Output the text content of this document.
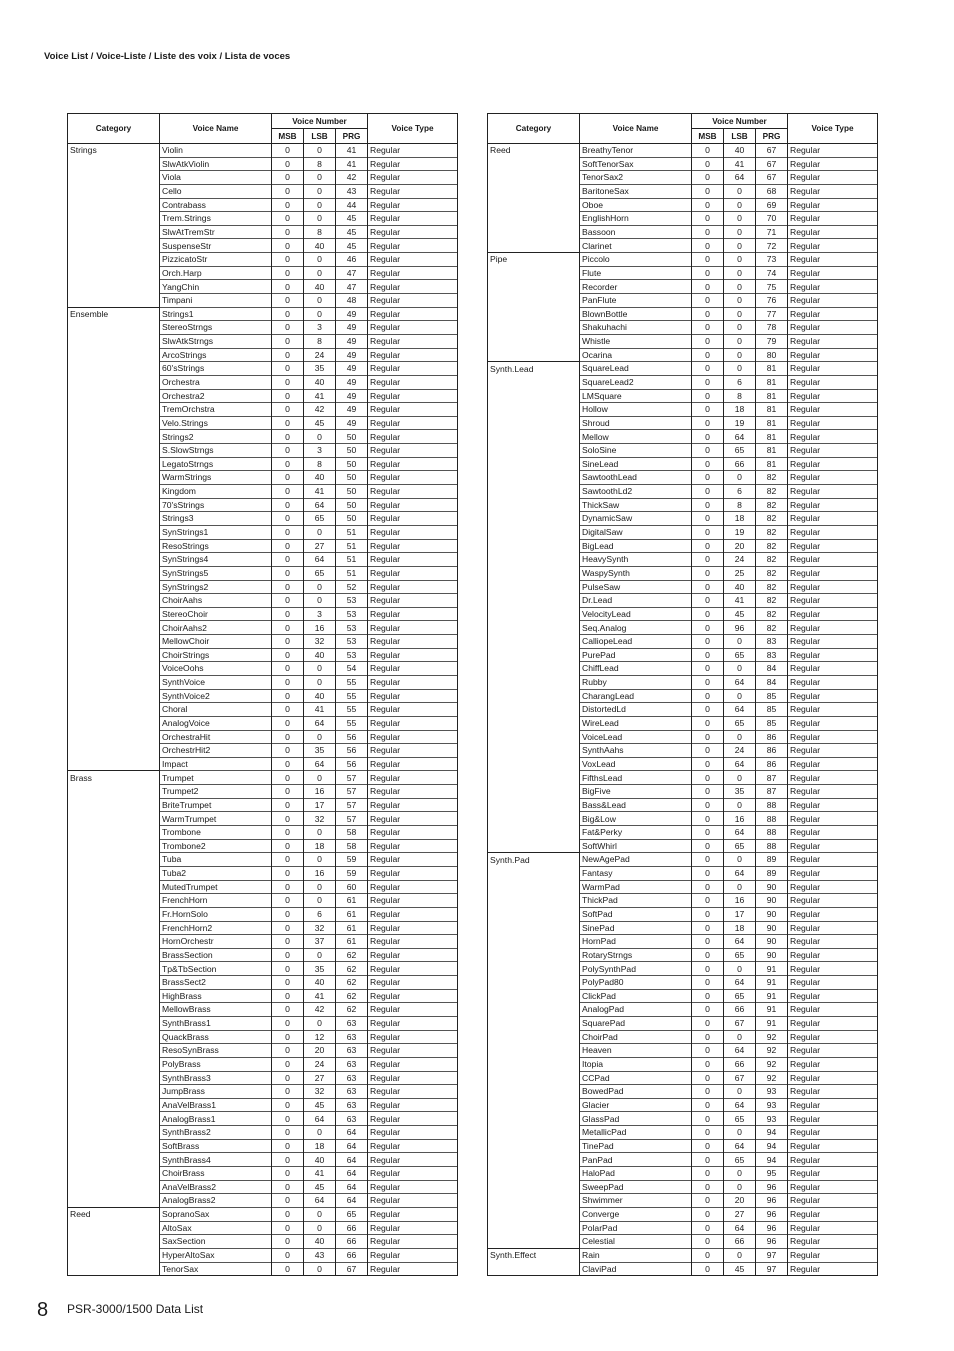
Voice List / Voice-Liste / Liste des voix / Lista de voces
Category	Voice Name	Voice Number			Voice Type
		MSB	LSB	PRG	
Strings	Violin	0	0	41	Regular
	SlwAtkViolin	0	8	41	Regular
	Viola	0	0	42	Regular
	Cello	0	0	43	Regular
	Contrabass	0	0	44	Regular
	Trem.Strings	0	0	45	Regular
	SlwAtTremStr	0	8	45	Regular
	SuspenseStr	0	40	45	Regular
	PizzicatoStr	0	0	46	Regular
	Orch.Harp	0	0	47	Regular
	YangChin	0	40	47	Regular
	Timpani	0	0	48	Regular
Ensemble	Strings1	0	0	49	Regular
	StereoStrngs	0	3	49	Regular
	SlwAtkStrngs	0	8	49	Regular
	ArcoStrings	0	24	49	Regular
	60'sStrings	0	35	49	Regular
	Orchestra	0	40	49	Regular
	Orchestra2	0	41	49	Regular
	TremOrchstra	0	42	49	Regular
	Velo.Strings	0	45	49	Regular
	Strings2	0	0	50	Regular
	S.SlowStrngs	0	3	50	Regular
	LegatoStrngs	0	8	50	Regular
	WarmStrings	0	40	50	Regular
	Kingdom	0	41	50	Regular
	70'sStrings	0	64	50	Regular
	Strings3	0	65	50	Regular
	SynStrings1	0	0	51	Regular
	ResoStrings	0	27	51	Regular
	SynStrings4	0	64	51	Regular
	SynStrings5	0	65	51	Regular
	SynStrings2	0	0	52	Regular
	ChoirAahs	0	0	53	Regular
	StereoChoir	0	3	53	Regular
	ChoirAahs2	0	16	53	Regular
	MellowChoir	0	32	53	Regular
	ChoirStrings	0	40	53	Regular
	VoiceOohs	0	0	54	Regular
	SynthVoice	0	0	55	Regular
	SynthVoice2	0	40	55	Regular
	Choral	0	41	55	Regular
	AnalogVoice	0	64	55	Regular
	OrchestraHit	0	0	56	Regular
	OrchestrHit2	0	35	56	Regular
	Impact	0	64	56	Regular
Brass	Trumpet	0	0	57	Regular
	Trumpet2	0	16	57	Regular
	BriteTrumpet	0	17	57	Regular
	WarmTrumpet	0	32	57	Regular
	Trombone	0	0	58	Regular
	Trombone2	0	18	58	Regular
	Tuba	0	0	59	Regular
	Tuba2	0	16	59	Regular
	MutedTrumpet	0	0	60	Regular
	FrenchHorn	0	0	61	Regular
	Fr.HornSolo	0	6	61	Regular
	FrenchHorn2	0	32	61	Regular
	HornOrchestr	0	37	61	Regular
	BrassSection	0	0	62	Regular
	Tp&TbSection	0	35	62	Regular
	BrassSect2	0	40	62	Regular
	HighBrass	0	41	62	Regular
	MellowBrass	0	42	62	Regular
	SynthBrass1	0	0	63	Regular
	QuackBrass	0	12	63	Regular
	ResoSynBrass	0	20	63	Regular
	PolyBrass	0	24	63	Regular
	SynthBrass3	0	27	63	Regular
	JumpBrass	0	32	63	Regular
	AnaVelBrass1	0	45	63	Regular
	AnalogBrass1	0	64	63	Regular
	SynthBrass2	0	0	64	Regular
	SoftBrass	0	18	64	Regular
	SynthBrass4	0	40	64	Regular
	ChoirBrass	0	41	64	Regular
	AnaVelBrass2	0	45	64	Regular
	AnalogBrass2	0	64	64	Regular
Reed	SopranoSax	0	0	65	Regular
	AltoSax	0	0	66	Regular
	SaxSection	0	40	66	Regular
	HyperAltoSax	0	43	66	Regular
	TenorSax	0	0	67	Regular
Category	Voice Name	Voice Number			Voice Type
		MSB	LSB	PRG	
Reed	BreathyTenor	0	40	67	Regular
	SoftTenorSax	0	41	67	Regular
	TenorSax2	0	64	67	Regular
	BaritoneSax	0	0	68	Regular
	Oboe	0	0	69	Regular
	EnglishHorn	0	0	70	Regular
	Bassoon	0	0	71	Regular
	Clarinet	0	0	72	Regular
Pipe	Piccolo	0	0	73	Regular
	Flute	0	0	74	Regular
	Recorder	0	0	75	Regular
	PanFlute	0	0	76	Regular
	BlownBottle	0	0	77	Regular
	Shakuhachi	0	0	78	Regular
	Whistle	0	0	79	Regular
	Ocarina	0	0	80	Regular
Synth.Lead	SquareLead	0	0	81	Regular
	SquareLead2	0	6	81	Regular
	LMSquare	0	8	81	Regular
	Hollow	0	18	81	Regular
	Shroud	0	19	81	Regular
	Mellow	0	64	81	Regular
	SoloSine	0	65	81	Regular
	SineLead	0	66	81	Regular
	SawtoothLead	0	0	82	Regular
	SawtoothLd2	0	6	82	Regular
	ThickSaw	0	8	82	Regular
	DynamicSaw	0	18	82	Regular
	DigitalSaw	0	19	82	Regular
	BigLead	0	20	82	Regular
	HeavySynth	0	24	82	Regular
	WaspySynth	0	25	82	Regular
	PulseSaw	0	40	82	Regular
	Dr.Lead	0	41	82	Regular
	VelocityLead	0	45	82	Regular
	Seq.Analog	0	96	82	Regular
	CalliopeLead	0	0	83	Regular
	PurePad	0	65	83	Regular
	ChiffLead	0	0	84	Regular
	Rubby	0	64	84	Regular
	CharangLead	0	0	85	Regular
	DistortedLd	0	64	85	Regular
	WireLead	0	65	85	Regular
	VoiceLead	0	0	86	Regular
	SynthAahs	0	24	86	Regular
	VoxLead	0	64	86	Regular
	FifthsLead	0	0	87	Regular
	BigFive	0	35	87	Regular
	Bass&Lead	0	0	88	Regular
	Big&Low	0	16	88	Regular
	Fat&Perky	0	64	88	Regular
	SoftWhirl	0	65	88	Regular
Synth.Pad	NewAgePad	0	0	89	Regular
	Fantasy	0	64	89	Regular
	WarmPad	0	0	90	Regular
	ThickPad	0	16	90	Regular
	SoftPad	0	17	90	Regular
	SinePad	0	18	90	Regular
	HornPad	0	64	90	Regular
	RotaryStrngs	0	65	90	Regular
	PolySynthPad	0	0	91	Regular
	PolyPad80	0	64	91	Regular
	ClickPad	0	65	91	Regular
	AnalogPad	0	66	91	Regular
	SquarePad	0	67	91	Regular
	ChoirPad	0	0	92	Regular
	Heaven	0	64	92	Regular
	Itopia	0	66	92	Regular
	CCPad	0	67	92	Regular
	BowedPad	0	0	93	Regular
	Glacier	0	64	93	Regular
	GlassPad	0	65	93	Regular
	MetallicPad	0	0	94	Regular
	TinePad	0	64	94	Regular
	PanPad	0	65	94	Regular
	HaloPad	0	0	95	Regular
	SweepPad	0	0	96	Regular
	Shwimmer	0	20	96	Regular
	Converge	0	27	96	Regular
	PolarPad	0	64	96	Regular
	Celestial	0	66	96	Regular
Synth.Effect	Rain	0	0	97	Regular
	ClaviPad	0	45	97	Regular
8 PSR-3000/1500 Data List
